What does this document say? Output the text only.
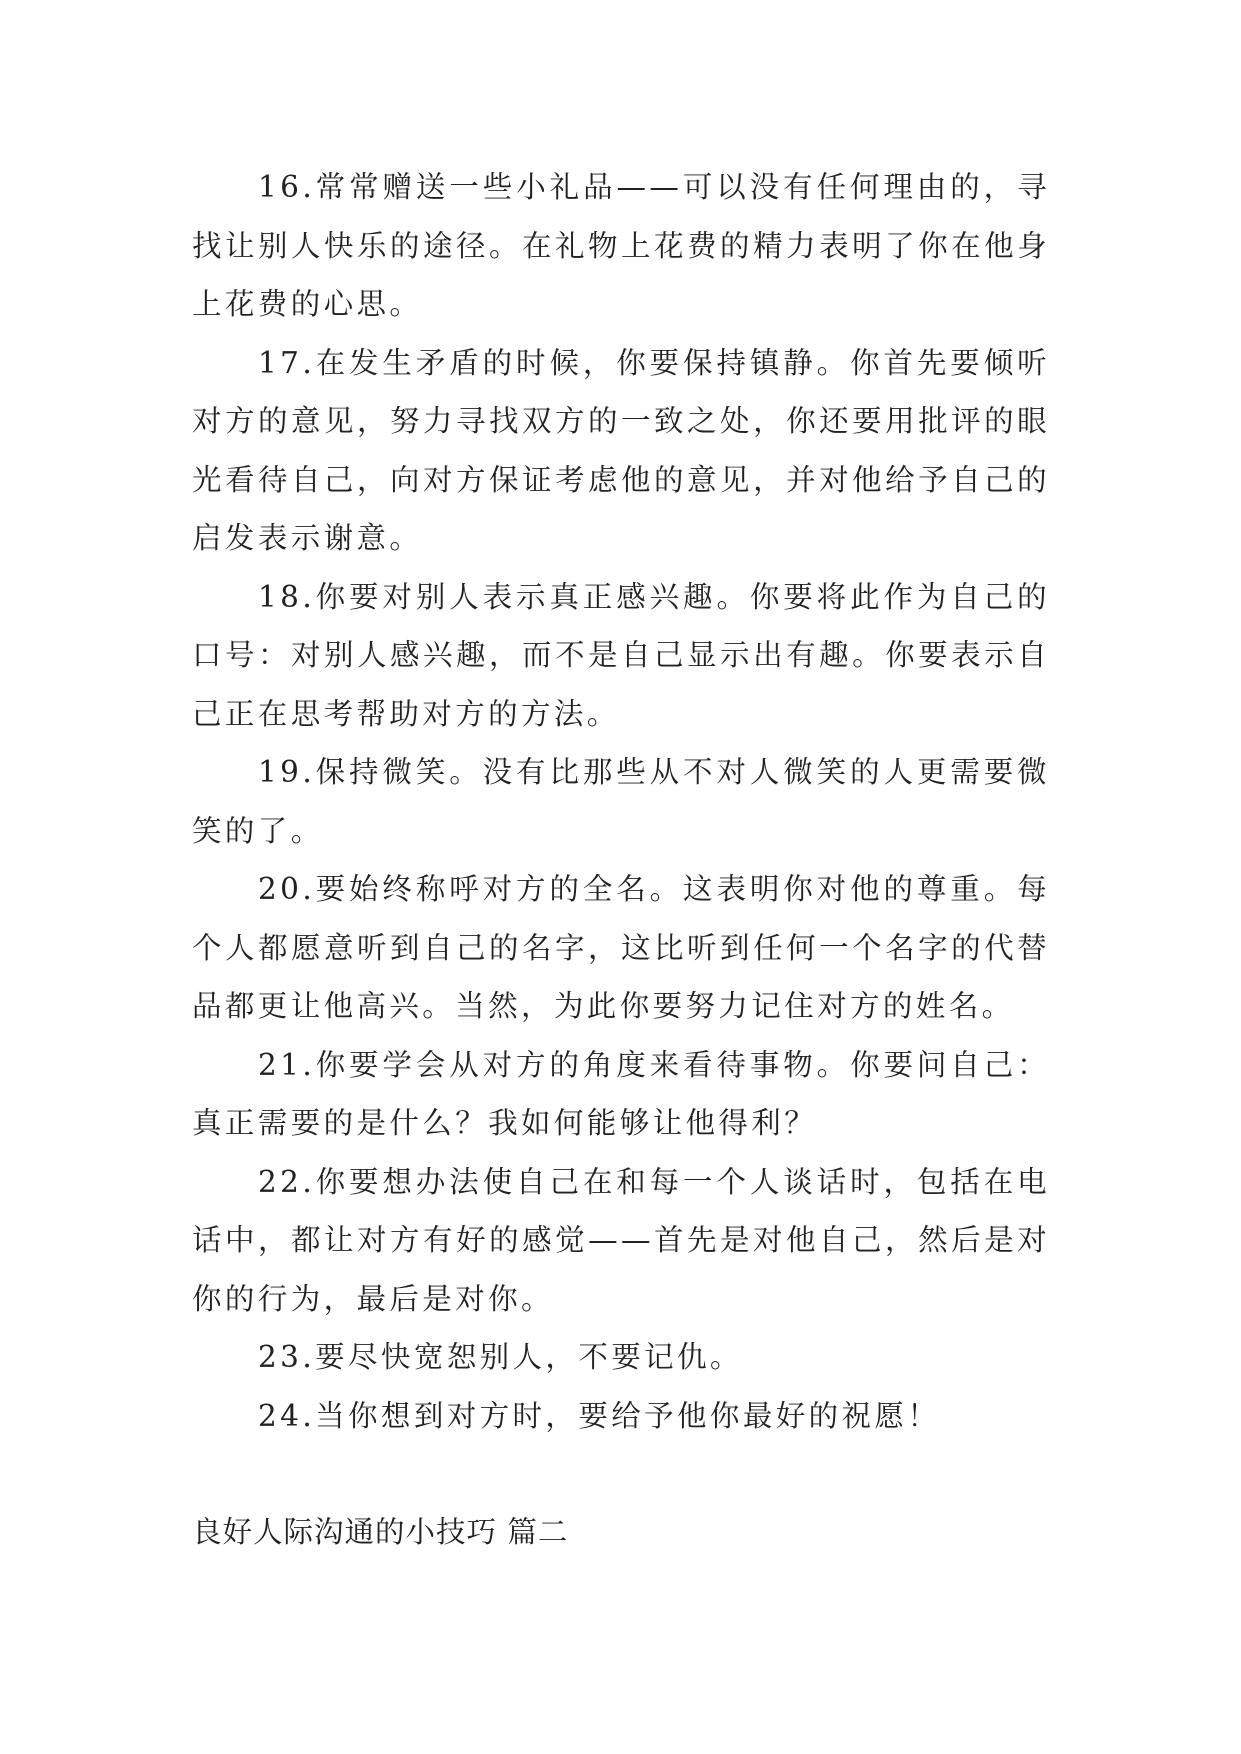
16.常常赠送一些小礼品——可以没有任何理由的，寻找让别人快乐的途径。在礼物上花费的精力表明了你在他身上花费的心思。

17.在发生矛盾的时候，你要保持镇静。你首先要倾听对方的意见，努力寻找双方的一致之处，你还要用批评的眼光看待自己，向对方保证考虑他的意见，并对他给予自己的启发表示谢意。

18.你要对别人表示真正感兴趣。你要将此作为自己的口号：对别人感兴趣，而不是自己显示出有趣。你要表示自己正在思考帮助对方的方法。

19.保持微笑。没有比那些从不对人微笑的人更需要微笑的了。

20.要始终称呼对方的全名。这表明你对他的尊重。每个人都愿意听到自己的名字，这比听到任何一个名字的代替品都更让他高兴。当然，为此你要努力记住对方的姓名。

21.你要学会从对方的角度来看待事物。你要问自己：真正需要的是什么？我如何能够让他得利？

22.你要想办法使自己在和每一个人谈话时，包括在电话中，都让对方有好的感觉——首先是对他自己，然后是对你的行为，最后是对你。

23.要尽快宽恕别人，不要记仇。

24.当你想到对方时，要给予他你最好的祝愿！

良好人际沟通的小技巧 篇二
